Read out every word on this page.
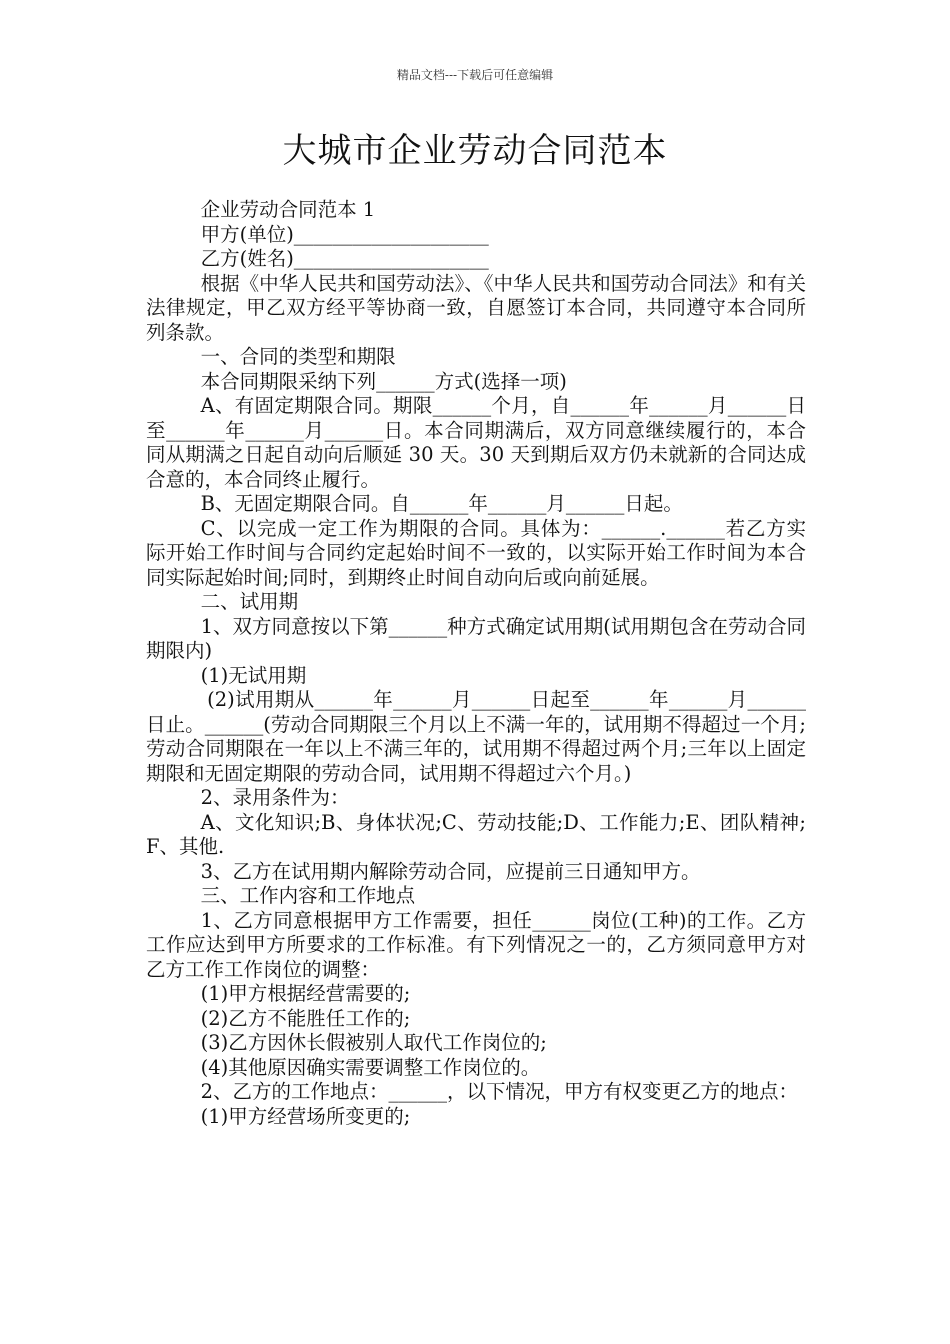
精品文档---下载后可任意编辑
大城市企业劳动合同范本

企业劳动合同范本 1

甲方(单位)____________________

乙方(姓名)____________________

根据《中华人民共和国劳动法》、《中华人民共和国劳动合同法》和有关法律规定，甲乙双方经平等协商一致，自愿签订本合同，共同遵守本合同所列条款。

一、合同的类型和期限

本合同期限采纳下列______方式(选择一项)

A、有固定期限合同。期限______个月，自______年______月______日至______年______月______日。本合同期满后，双方同意继续履行的，本合同从期满之日起自动向后顺延 30 天。30 天到期后双方仍未就新的合同达成合意的，本合同终止履行。

B、无固定期限合同。自______年______月______日起。

C、以完成一定工作为期限的合同。具体为：______.______若乙方实际开始工作时间与合同约定起始时间不一致的，以实际开始工作时间为本合同实际起始时间;同时，到期终止时间自动向后或向前延展。

二、试用期

1、双方同意按以下第______种方式确定试用期(试用期包含在劳动合同期限内)

(1)无试用期

(2)试用期从______年______月______日起至______年______月______日止。______(劳动合同期限三个月以上不满一年的，试用期不得超过一个月;劳动合同期限在一年以上不满三年的，试用期不得超过两个月;三年以上固定期限和无固定期限的劳动合同，试用期不得超过六个月。)

2、录用条件为：

A、文化知识;B、身体状况;C、劳动技能;D、工作能力;E、团队精神;F、其他.

3、乙方在试用期内解除劳动合同，应提前三日通知甲方。

三、工作内容和工作地点

1、乙方同意根据甲方工作需要，担任______岗位(工种)的工作。乙方工作应达到甲方所要求的工作标准。有下列情况之一的，乙方须同意甲方对乙方工作工作岗位的调整：

(1)甲方根据经营需要的;

(2)乙方不能胜任工作的;

(3)乙方因休长假被别人取代工作岗位的;

(4)其他原因确实需要调整工作岗位的。

2、乙方的工作地点：______，以下情况，甲方有权变更乙方的地点：

(1)甲方经营场所变更的;
